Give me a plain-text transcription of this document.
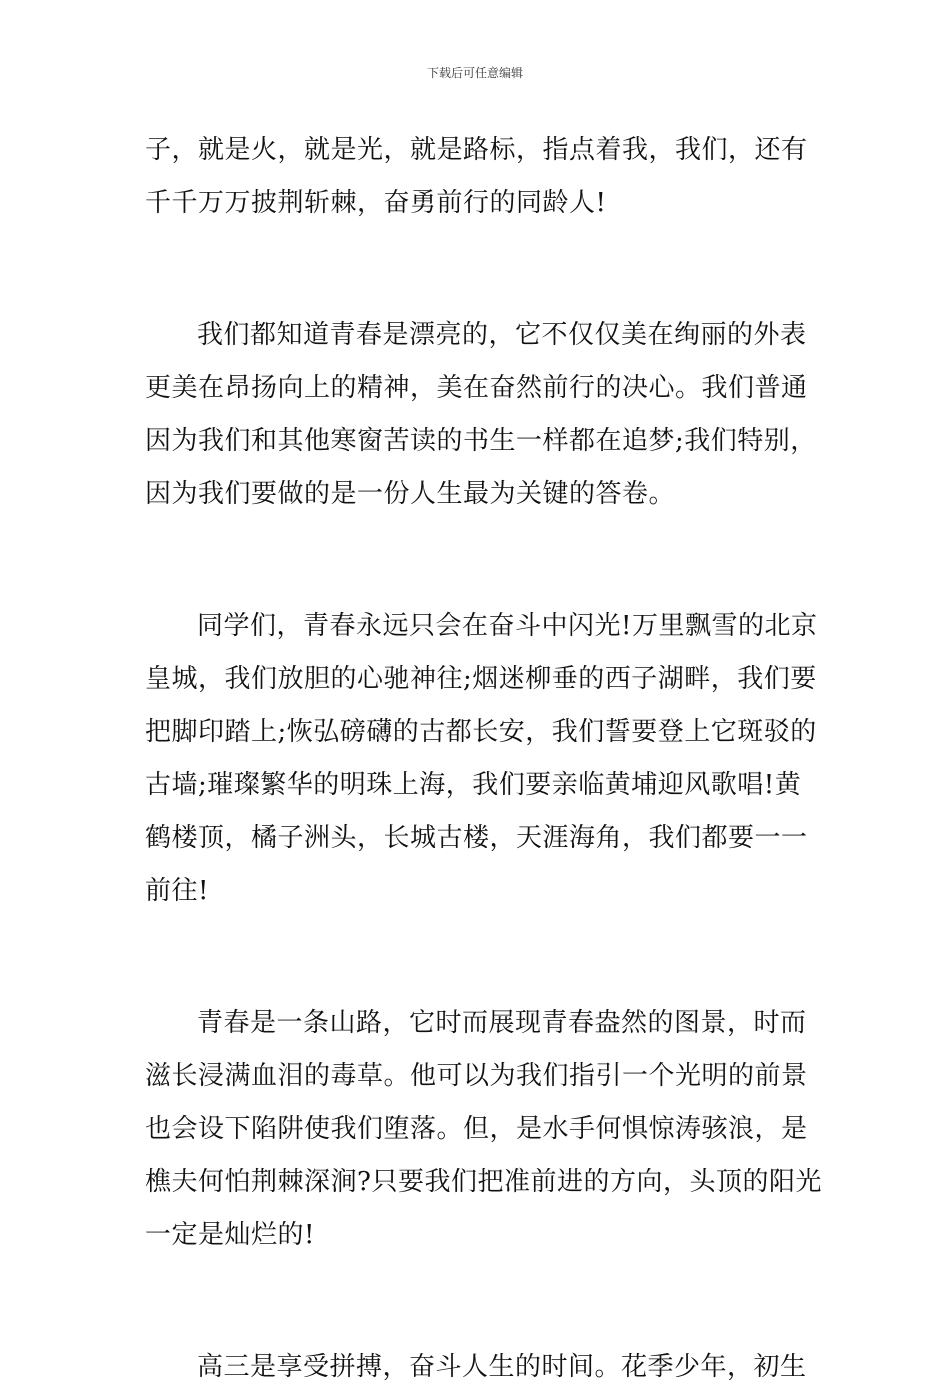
下载后可任意编辑
子，就是火，就是光，就是路标，指点着我，我们，还有
千千万万披荆斩棘，奋勇前行的同龄人!
我们都知道青春是漂亮的，它不仅仅美在绚丽的外表
更美在昂扬向上的精神，美在奋然前行的决心。我们普通
因为我们和其他寒窗苦读的书生一样都在追梦;我们特别，
因为我们要做的是一份人生最为关键的答卷。
同学们，青春永远只会在奋斗中闪光!万里飘雪的北京
皇城，我们放胆的心驰神往;烟迷柳垂的西子湖畔，我们要
把脚印踏上;恢弘磅礴的古都长安，我们誓要登上它斑驳的
古墙;璀璨繁华的明珠上海，我们要亲临黄埔迎风歌唱!黄
鹤楼顶，橘子洲头，长城古楼，天涯海角，我们都要一一
前往!
青春是一条山路，它时而展现青春盎然的图景，时而
滋长浸满血泪的毒草。他可以为我们指引一个光明的前景
也会设下陷阱使我们堕落。但，是水手何惧惊涛骇浪，是
樵夫何怕荆棘深涧?只要我们把准前进的方向，头顶的阳光
一定是灿烂的!
高三是享受拼搏，奋斗人生的时间。花季少年，初生
